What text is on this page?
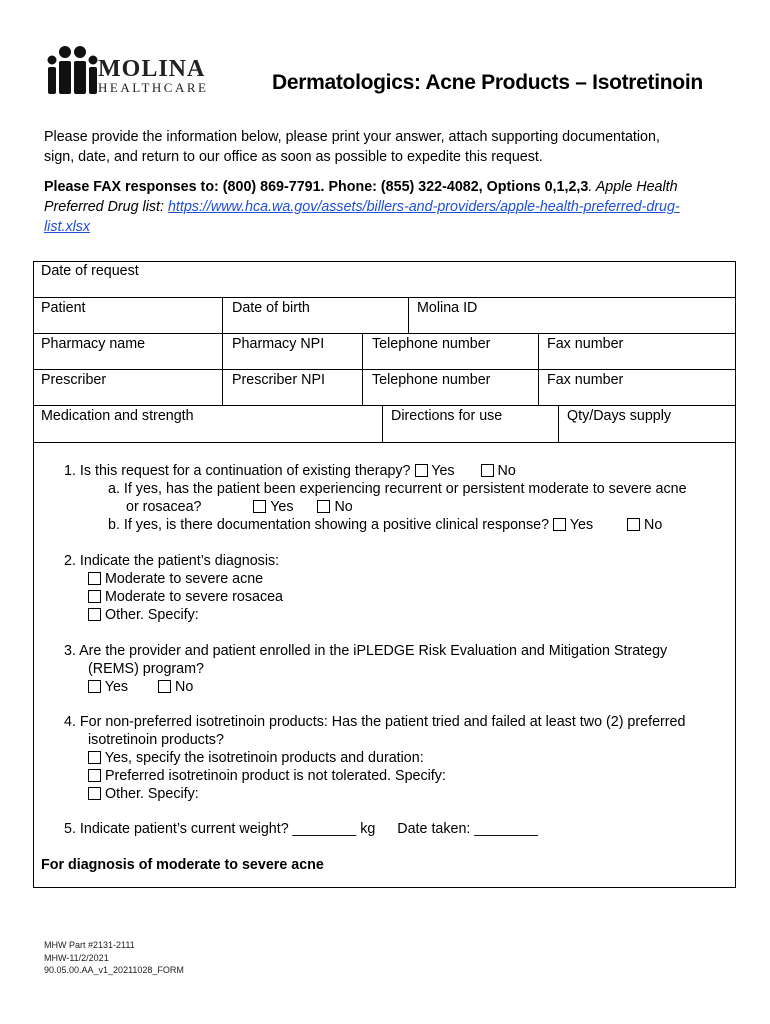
MOLINA
HEALTHCARE	Dermatologics: Acne Products – Isotretinoin
Please provide the information below, please print your answer, attach supporting documentation,
sign, date, and return to our office as soon as possible to expedite this request.
Please FAX responses to: (800) 869-7791. Phone: (855) 322-4082, Options 0,1,2,3. Apple Health Preferred Drug list: https://www.hca.wa.gov/assets/billers-and-providers/apple-health-preferred-drug-list.xlsx
Date of request
Patient	Date of birth	Molina ID
Pharmacy name	Pharmacy NPI	Telephone number	Fax number
Prescriber	Prescriber NPI	Telephone number	Fax number
Medication and strength	Directions for use	Qty/Days supply
1. Is this request for a continuation of existing therapy? Yes	No
a. If yes, has the patient been experiencing recurrent or persistent moderate to severe acne
or rosacea?	Yes	No
b. If yes, is there documentation showing a positive clinical response? Yes	No
2. Indicate the patient’s diagnosis:
Moderate to severe acne
Moderate to severe rosacea
Other. Specify:
3. Are the provider and patient enrolled in the iPLEDGE Risk Evaluation and Mitigation Strategy
(REMS) program?
Yes	No
4. For non-preferred isotretinoin products: Has the patient tried and failed at least two (2) preferred
isotretinoin products?
Yes, specify the isotretinoin products and duration:
Preferred isotretinoin product is not tolerated. Specify:
Other. Specify:
5. Indicate patient’s current weight? ________ kg Date taken: ________
For diagnosis of moderate to severe acne
MHW Part #2131-2111
MHW-11/2/2021
90.05.00.AA_v1_20211028_FORM
